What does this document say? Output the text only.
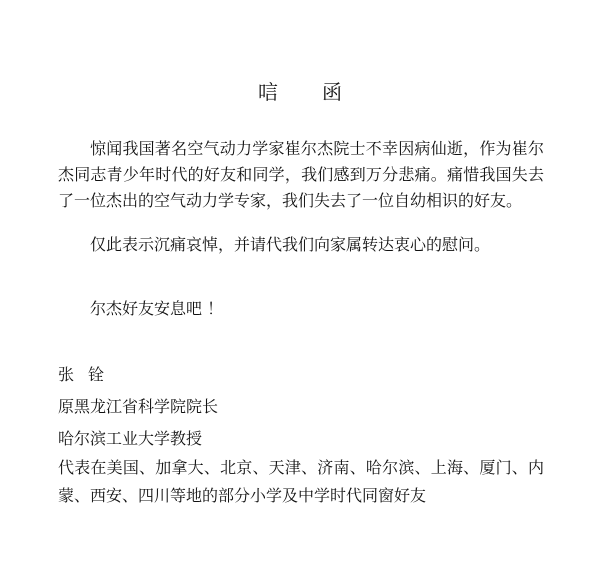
唁 函
惊闻我国著名空气动力学家崔尔杰院士不幸因病仙逝，作为崔尔杰同志青少年时代的好友和同学，我们感到万分悲痛。痛惜我国失去了一位杰出的空气动力学专家，我们失去了一位自幼相识的好友。
仅此表示沉痛哀悼，并请代我们向家属转达衷心的慰问。
尔杰好友安息吧 ！
张 铨
原黑龙江省科学院院长
哈尔滨工业大学教授
代表在美国、加拿大、北京、天津、济南、哈尔滨、上海、厦门、内蒙、西安、四川等地的部分小学及中学时代同窗好友
